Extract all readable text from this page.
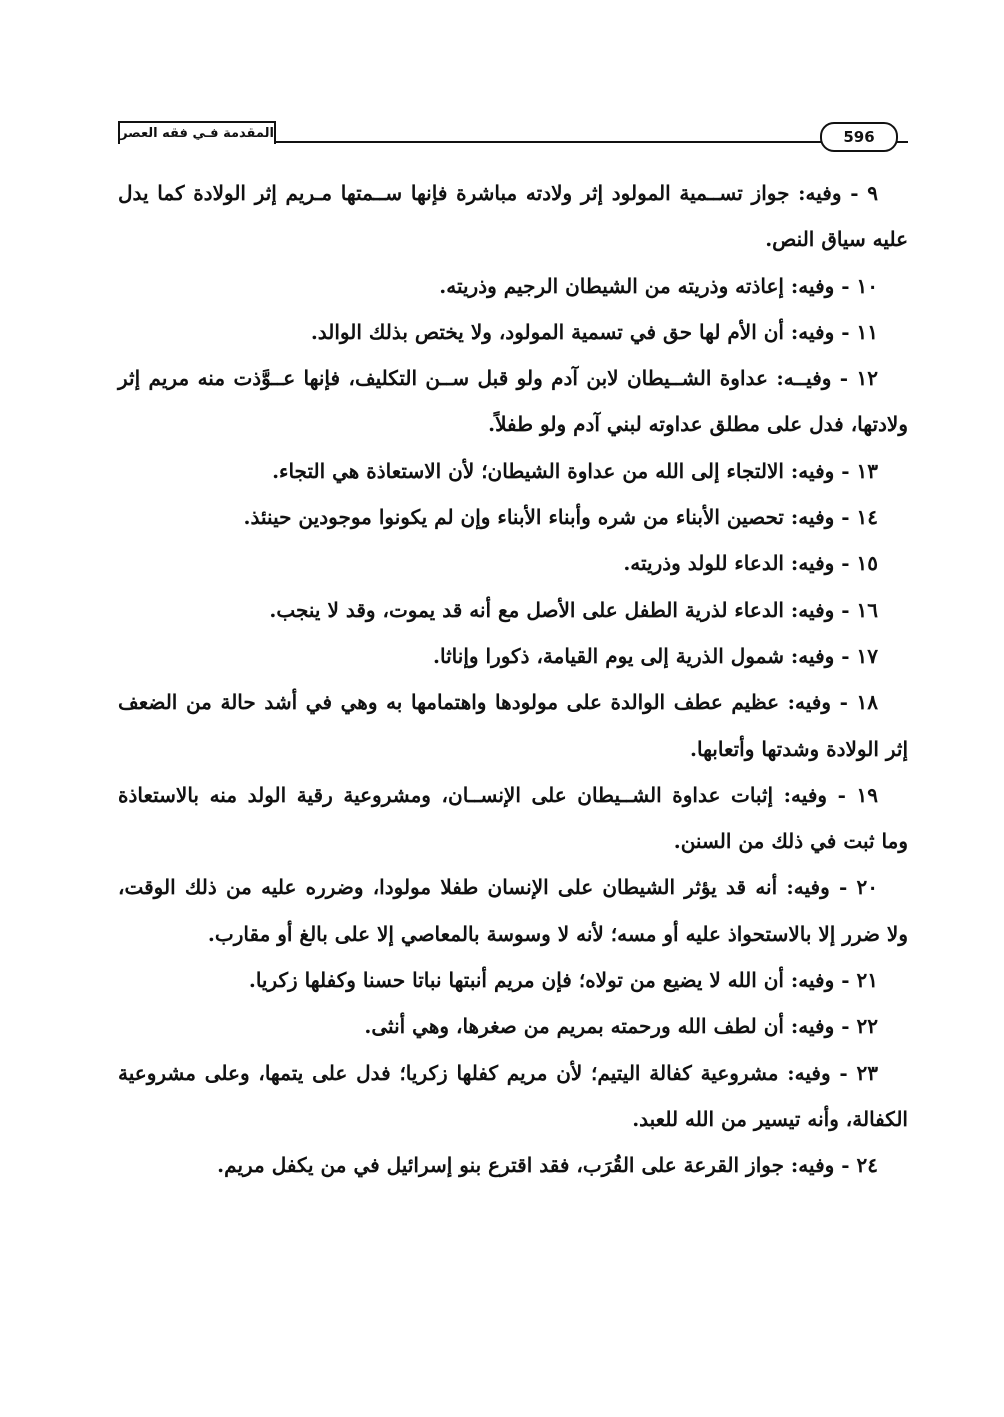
المقدمة فـي فقه العصر	596

٩ - وفيه: جواز تســمية المولود إثر ولادته مباشرة فإنها ســمتها مـريم إثر الولادة كما يدل

عليه سياق النص.

١٠ - وفيه: إعاذته وذريته من الشيطان الرجيم وذريته.

١١ - وفيه: أن الأم لها حق في تسمية المولود، ولا يختص بذلك الوالد.

١٢ - وفيــه: عداوة الشــيطان لابن آدم ولو قبل ســن التكليف، فإنها عــوَّذت منه مريم إثر

ولادتها، فدل على مطلق عداوته لبني آدم ولو طفلاً.

١٣ - وفيه: الالتجاء إلى الله من عداوة الشيطان؛ لأن الاستعاذة هي التجاء.

١٤ - وفيه: تحصين الأبناء من شره وأبناء الأبناء وإن لم يكونوا موجودين حينئذ.

١٥ - وفيه: الدعاء للولد وذريته.

١٦ - وفيه: الدعاء لذرية الطفل على الأصل مع أنه قد يموت، وقد لا ينجب.

١٧ - وفيه: شمول الذرية إلى يوم القيامة، ذكورا وإناثا.

١٨ - وفيه: عظيم عطف الوالدة على مولودها واهتمامها به وهي في أشد حالة من الضعف

إثر الولادة وشدتها وأتعابها.

١٩ - وفيه: إثبات عداوة الشــيطان على الإنســان، ومشروعية رقية الولد منه بالاستعاذة

وما ثبت في ذلك من السنن.

٢٠ - وفيه: أنه قد يؤثر الشيطان على الإنسان طفلا مولودا، وضرره عليه من ذلك الوقت،

ولا ضرر إلا بالاستحواذ عليه أو مسه؛ لأنه لا وسوسة بالمعاصي إلا على بالغ أو مقارب.

٢١ - وفيه: أن الله لا يضيع من تولاه؛ فإن مريم أنبتها نباتا حسنا وكفلها زكريا.

٢٢ - وفيه: أن لطف الله ورحمته بمريم من صغرها، وهي أنثى.

٢٣ - وفيه: مشروعية كفالة اليتيم؛ لأن مريم كفلها زكريا؛ فدل على يتمها، وعلى مشروعية

الكفالة، وأنه تيسير من الله للعبد.

٢٤ - وفيه: جواز القرعة على القُرَب، فقد اقترع بنو إسرائيل في من يكفل مريم.
